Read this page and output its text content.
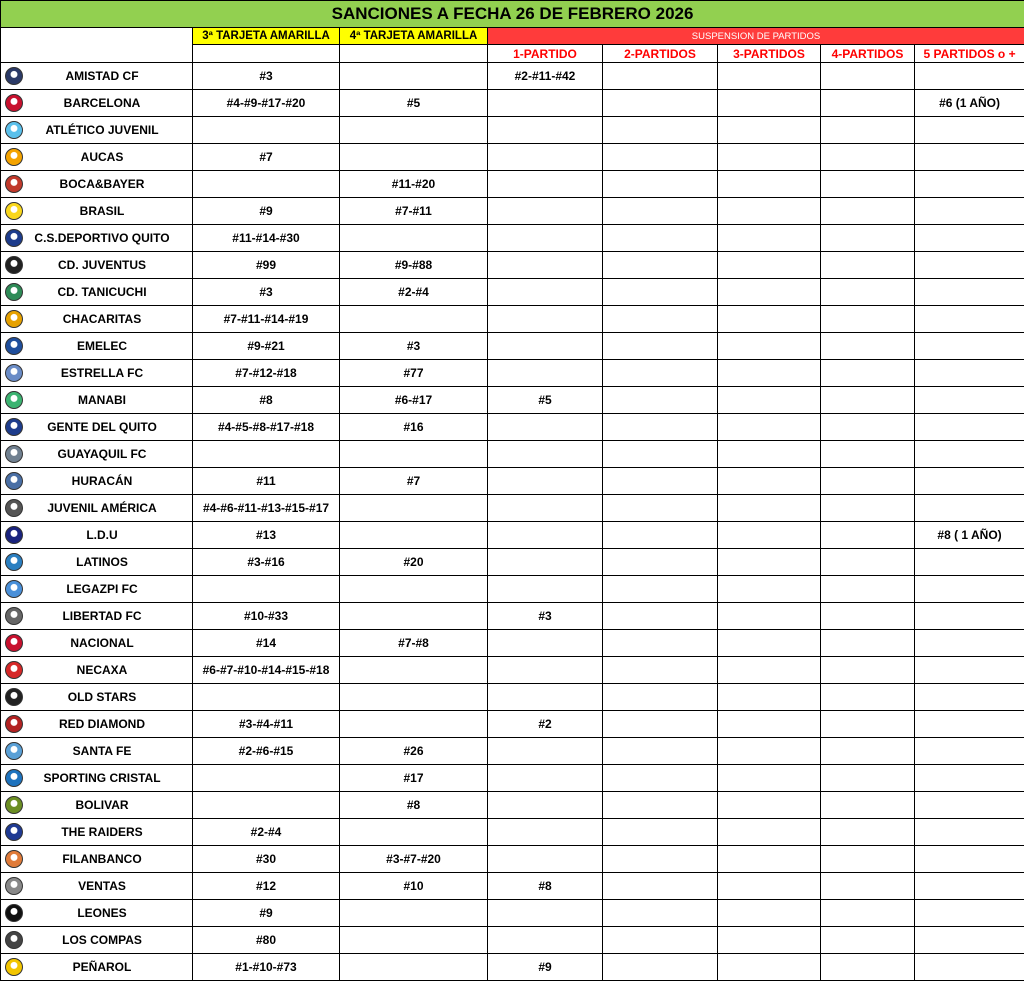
SANCIONES A FECHA 26 DE FEBRERO 2026							
	3ª TARJETA AMARILLA	4ª TARJETA AMARILLA	SUSPENSION DE PARTIDOS				
			1-PARTIDO	2-PARTIDOS	3-PARTIDOS	4-PARTIDOS	5 PARTIDOS o +
AMISTAD CF	#3		#2-#11-#42				
BARCELONA	#4-#9-#17-#20	#5					#6 (1 AÑO)
ATLÉTICO JUVENIL							
AUCAS	#7						
BOCA&BAYER		#11-#20					
BRASIL	#9	#7-#11					
C.S.DEPORTIVO QUITO	#11-#14-#30						
CD. JUVENTUS	#99	#9-#88					
CD. TANICUCHI	#3	#2-#4					
CHACARITAS	#7-#11-#14-#19						
EMELEC	#9-#21	#3					
ESTRELLA FC	#7-#12-#18	#77					
MANABI	#8	#6-#17	#5				
GENTE DEL QUITO	#4-#5-#8-#17-#18	#16					
GUAYAQUIL FC							
HURACÁN	#11	#7					
JUVENIL AMÉRICA	#4-#6-#11-#13-#15-#17						
L.D.U	#13						#8 ( 1 AÑO)
LATINOS	#3-#16	#20					
LEGAZPI FC							
LIBERTAD FC	#10-#33		#3				
NACIONAL	#14	#7-#8					
NECAXA	#6-#7-#10-#14-#15-#18						
OLD STARS							
RED DIAMOND	#3-#4-#11		#2				
SANTA FE	#2-#6-#15	#26					
SPORTING CRISTAL		#17					
BOLIVAR		#8					
THE RAIDERS	#2-#4						
FILANBANCO	#30	#3-#7-#20					
VENTAS	#12	#10	#8				
LEONES	#9						
LOS COMPAS	#80						
PEÑAROL	#1-#10-#73		#9				
